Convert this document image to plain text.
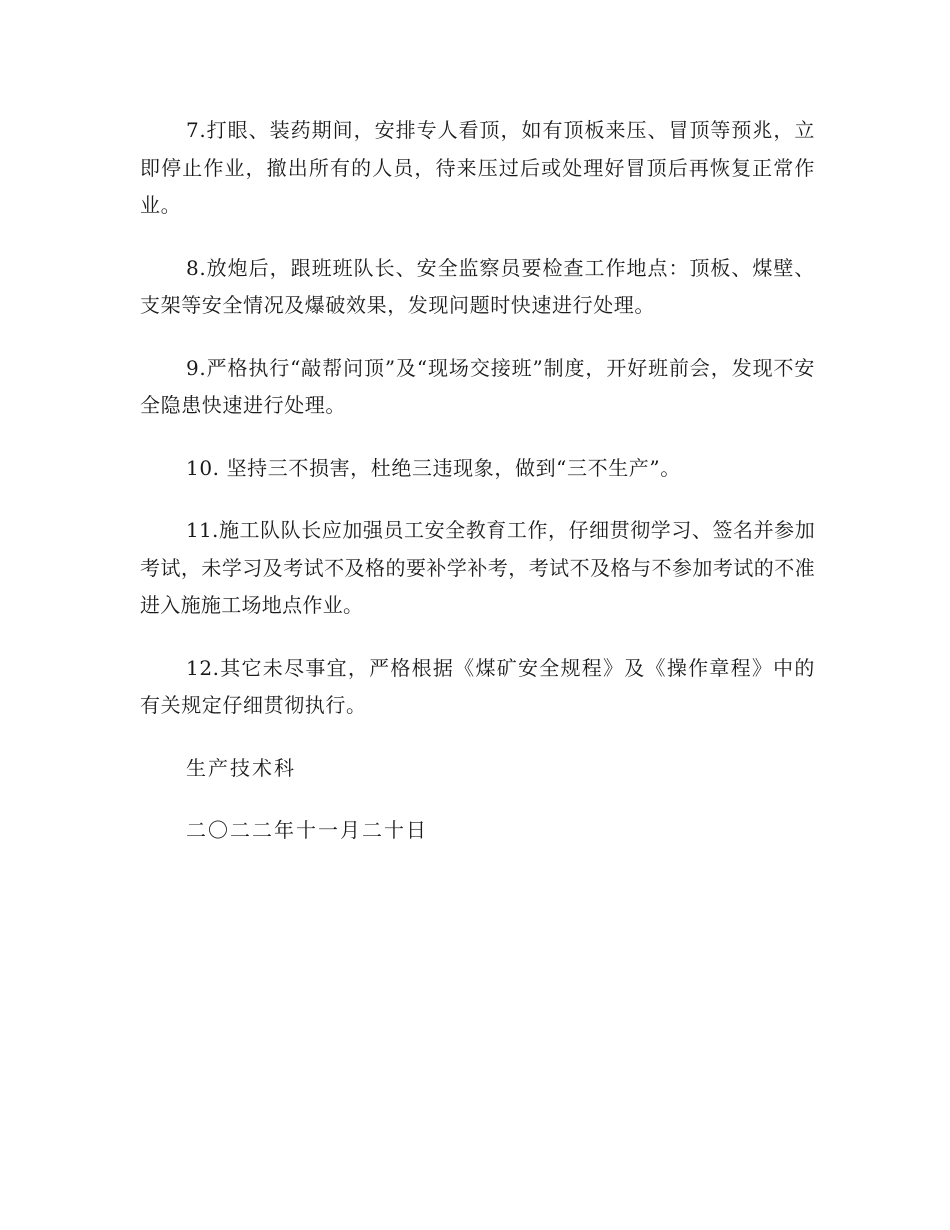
7.打眼、装药期间，安排专人看顶，如有顶板来压、冒顶等预兆，立即停止作业，撤出所有的人员，待来压过后或处理好冒顶后再恢复正常作业。

8.放炮后，跟班班队长、安全监察员要检查工作地点：顶板、煤壁、支架等安全情况及爆破效果，发现问题时快速进行处理。

9.严格执行“敲帮问顶”及“现场交接班”制度，开好班前会，发现不安全隐患快速进行处理。

10. 坚持三不损害，杜绝三违现象，做到“三不生产”。

11.施工队队长应加强员工安全教育工作，仔细贯彻学习、签名并参加考试，未学习及考试不及格的要补学补考，考试不及格与不参加考试的不准进入施施工场地点作业。

12.其它未尽事宜，严格根据《煤矿安全规程》及《操作章程》中的有关规定仔细贯彻执行。

生产技术科

二〇二二年十一月二十日
